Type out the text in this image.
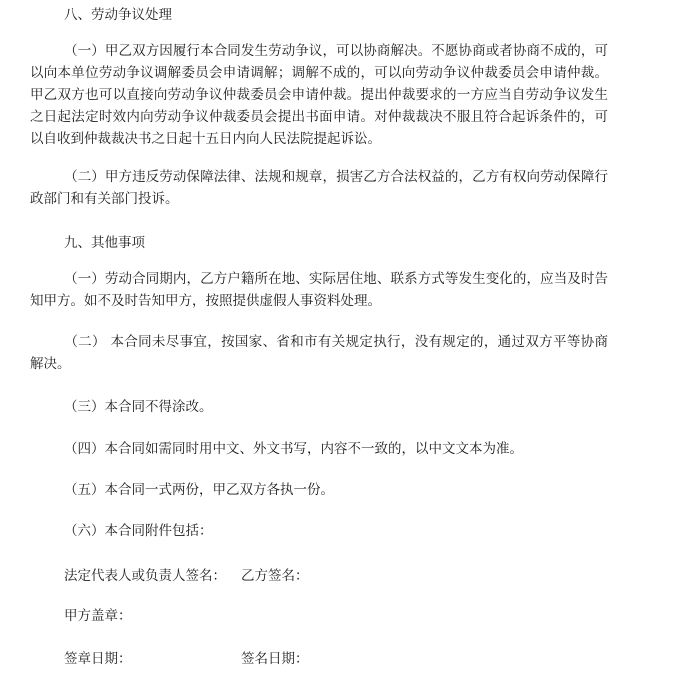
八、劳动争议处理

（一）甲乙双方因履行本合同发生劳动争议，可以协商解决。不愿协商或者协商不成的，可以向本单位劳动争议调解委员会申请调解；调解不成的，可以向劳动争议仲裁委员会申请仲裁。甲乙双方也可以直接向劳动争议仲裁委员会申请仲裁。提出仲裁要求的一方应当自劳动争议发生之日起法定时效内向劳动争议仲裁委员会提出书面申请。对仲裁裁决不服且符合起诉条件的，可以自收到仲裁裁决书之日起十五日内向人民法院提起诉讼。

（二）甲方违反劳动保障法律、法规和规章，损害乙方合法权益的，乙方有权向劳动保障行政部门和有关部门投诉。

九、其他事项

（一）劳动合同期内，乙方户籍所在地、实际居住地、联系方式等发生变化的，应当及时告知甲方。如不及时告知甲方，按照提供虚假人事资料处理。

（二） 本合同未尽事宜，按国家、省和市有关规定执行，没有规定的，通过双方平等协商解决。

（三）本合同不得涂改。

（四）本合同如需同时用中文、外文书写，内容不一致的，以中文文本为准。

（五）本合同一式两份，甲乙双方各执一份。

（六）本合同附件包括：

法定代表人或负责人签名： 乙方签名：

甲方盖章：

签章日期：	签名日期：
